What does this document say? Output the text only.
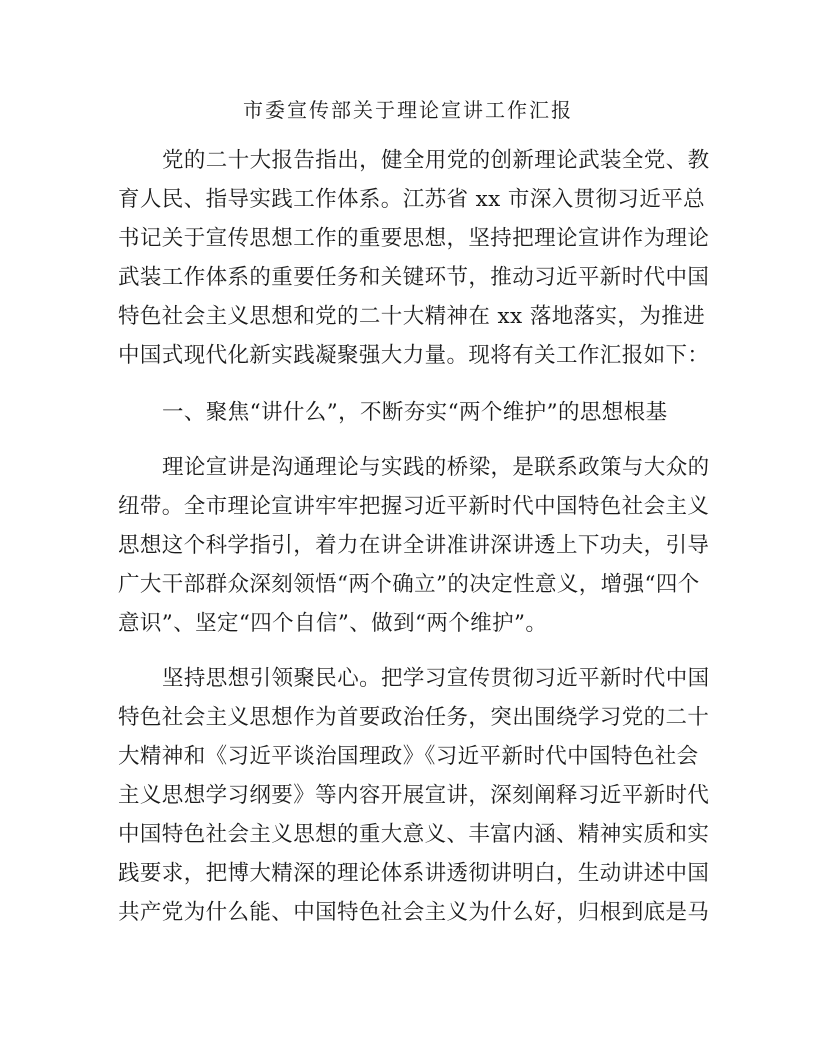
市委宣传部关于理论宣讲工作汇报
党的二十大报告指出，健全用党的创新理论武装全党、教
育人民、指导实践工作体系。江苏省 xx 市深入贯彻习近平总
书记关于宣传思想工作的重要思想，坚持把理论宣讲作为理论
武装工作体系的重要任务和关键环节，推动习近平新时代中国
特色社会主义思想和党的二十大精神在 xx 落地落实，为推进
中国式现代化新实践凝聚强大力量。现将有关工作汇报如下：
一、聚焦“讲什么”，不断夯实“两个维护”的思想根基
理论宣讲是沟通理论与实践的桥梁，是联系政策与大众的
纽带。全市理论宣讲牢牢把握习近平新时代中国特色社会主义
思想这个科学指引，着力在讲全讲准讲深讲透上下功夫，引导
广大干部群众深刻领悟“两个确立”的决定性意义，增强“四个
意识”、坚定“四个自信”、做到“两个维护”。
坚持思想引领聚民心。把学习宣传贯彻习近平新时代中国
特色社会主义思想作为首要政治任务，突出围绕学习党的二十
大精神和《习近平谈治国理政》《习近平新时代中国特色社会
主义思想学习纲要》等内容开展宣讲，深刻阐释习近平新时代
中国特色社会主义思想的重大意义、丰富内涵、精神实质和实
践要求，把博大精深的理论体系讲透彻讲明白，生动讲述中国
共产党为什么能、中国特色社会主义为什么好，归根到底是马
